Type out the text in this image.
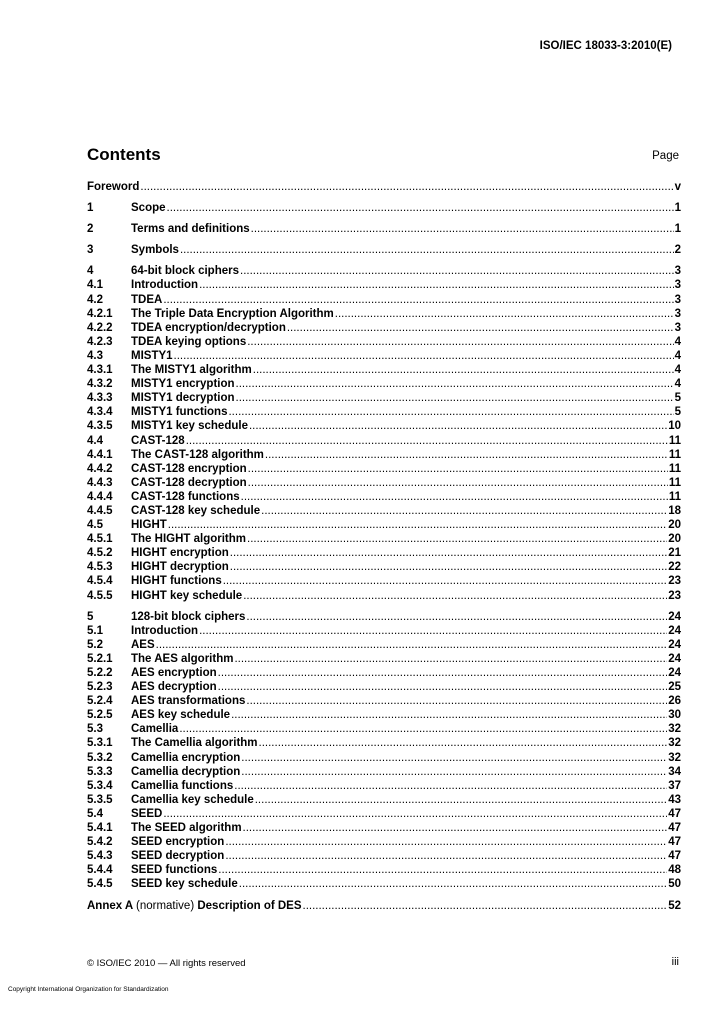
ISO/IEC 18033-3:2010(E)
Contents	Page
Foreword .....	v
1	Scope .....	1
2	Terms and definitions .....	1
3	Symbols .....	2
4	64-bit block ciphers .....	3
4.1	Introduction .....	3
4.2	TDEA .....	3
4.2.1	The Triple Data Encryption Algorithm .....	3
4.2.2	TDEA encryption/decryption .....	3
4.2.3	TDEA keying options .....	4
4.3	MISTY1 .....	4
4.3.1	The MISTY1 algorithm .....	4
4.3.2	MISTY1 encryption .....	4
4.3.3	MISTY1 decryption .....	5
4.3.4	MISTY1 functions .....	5
4.3.5	MISTY1 key schedule .....	10
4.4	CAST-128 .....	11
4.4.1	The CAST-128 algorithm .....	11
4.4.2	CAST-128 encryption .....	11
4.4.3	CAST-128 decryption .....	11
4.4.4	CAST-128 functions .....	11
4.4.5	CAST-128 key schedule .....	18
4.5	HIGHT .....	20
4.5.1	The HIGHT algorithm .....	20
4.5.2	HIGHT encryption .....	21
4.5.3	HIGHT decryption .....	22
4.5.4	HIGHT functions .....	23
4.5.5	HIGHT key schedule .....	23
5	128-bit block ciphers .....	24
5.1	Introduction .....	24
5.2	AES .....	24
5.2.1	The AES algorithm .....	24
5.2.2	AES encryption .....	24
5.2.3	AES decryption .....	25
5.2.4	AES transformations .....	26
5.2.5	AES key schedule .....	30
5.3	Camellia .....	32
5.3.1	The Camellia algorithm .....	32
5.3.2	Camellia encryption .....	32
5.3.3	Camellia decryption .....	34
5.3.4	Camellia functions .....	37
5.3.5	Camellia key schedule .....	43
5.4	SEED .....	47
5.4.1	The SEED algorithm .....	47
5.4.2	SEED encryption .....	47
5.4.3	SEED decryption .....	47
5.4.4	SEED functions .....	48
5.4.5	SEED key schedule .....	50
Annex A (normative) Description of DES .....	52
© ISO/IEC 2010 — All rights reserved	iii
Copyright International Organization for Standardization
